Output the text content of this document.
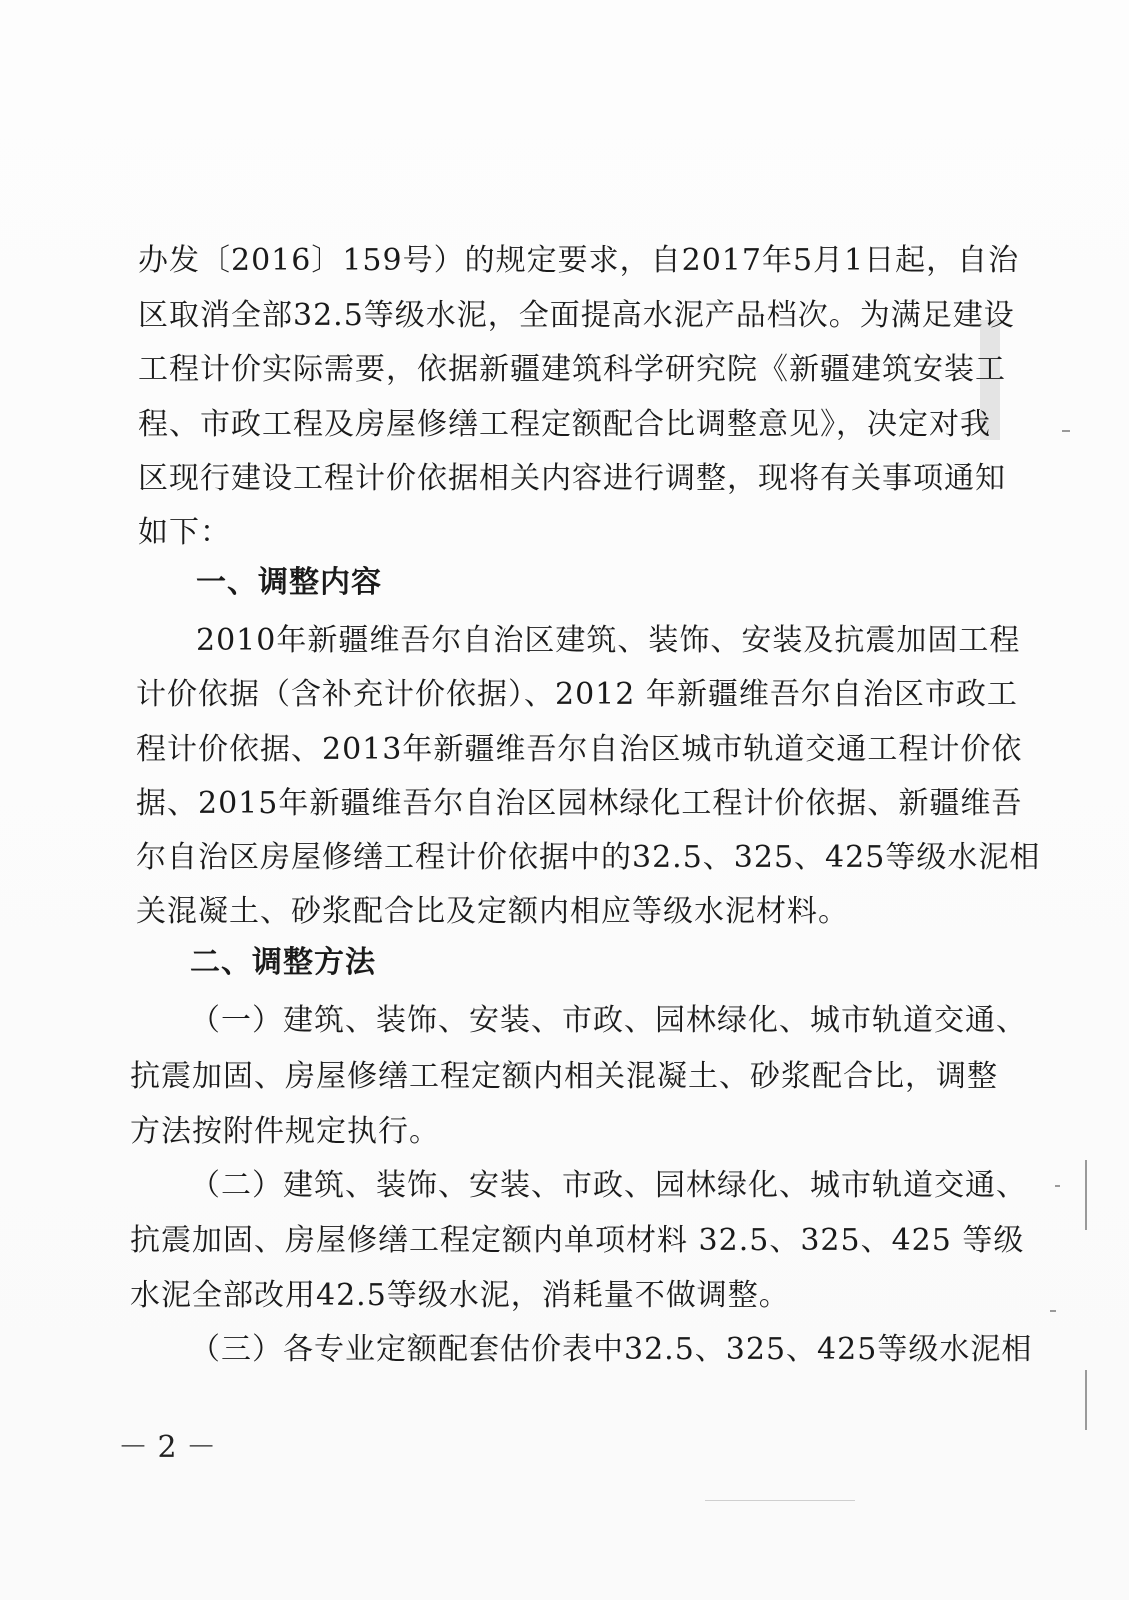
办发〔2016〕159号）的规定要求，自2017年5月1日起，自治
区取消全部32.5等级水泥，全面提高水泥产品档次。为满足建设
工程计价实际需要，依据新疆建筑科学研究院《新疆建筑安装工
程、市政工程及房屋修缮工程定额配合比调整意见》，决定对我
区现行建设工程计价依据相关内容进行调整，现将有关事项通知
如下：
一、调整内容
2010年新疆维吾尔自治区建筑、装饰、安装及抗震加固工程
计价依据（含补充计价依据）、2012 年新疆维吾尔自治区市政工
程计价依据、2013年新疆维吾尔自治区城市轨道交通工程计价依
据、2015年新疆维吾尔自治区园林绿化工程计价依据、新疆维吾
尔自治区房屋修缮工程计价依据中的32.5、325、425等级水泥相
关混凝土、砂浆配合比及定额内相应等级水泥材料。
二、调整方法
（一）建筑、装饰、安装、市政、园林绿化、城市轨道交通、
抗震加固、房屋修缮工程定额内相关混凝土、砂浆配合比，调整
方法按附件规定执行。
（二）建筑、装饰、安装、市政、园林绿化、城市轨道交通、
抗震加固、房屋修缮工程定额内单项材料 32.5、325、425 等级
水泥全部改用42.5等级水泥，消耗量不做调整。
（三）各专业定额配套估价表中32.5、325、425等级水泥相
－ 2 －
